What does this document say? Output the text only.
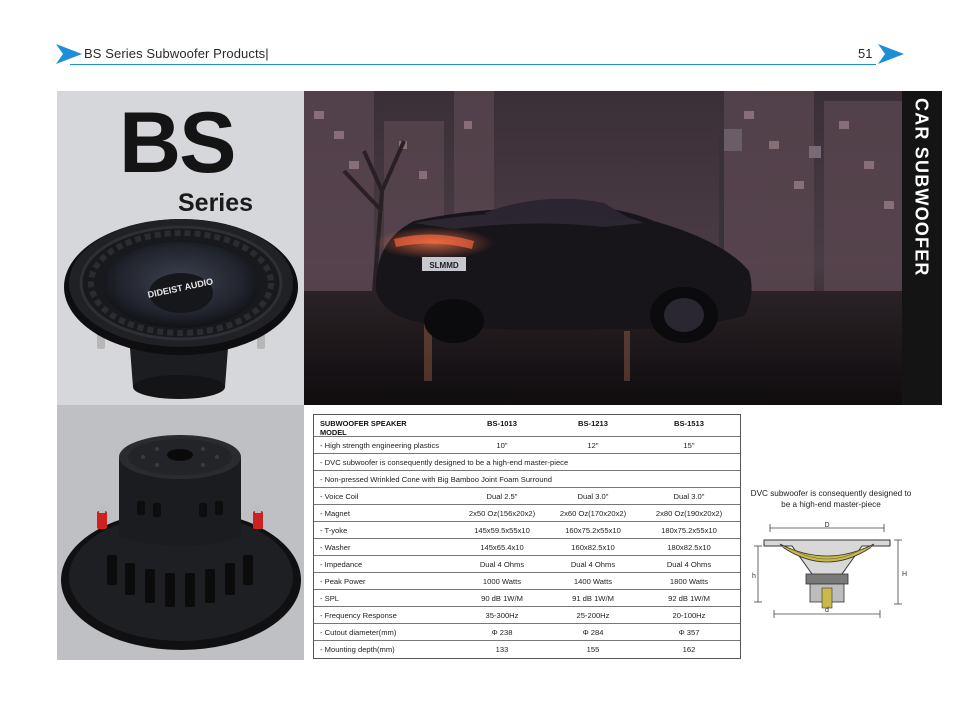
BS Series Subwoofer Products|	51
BS
Series
DIDEIST AUDIO
SLMMD	CAR SUBWOOFER
SUBWOOFER SPEAKER MODEL
BS-1013	BS-1213	BS-1513
- High strength engineering plastics	10"	12"	15"
- DVC subwoofer is consequently designed to be a high-end master-piece
- Non-pressed Wrinkled Cone with Big Bamboo Joint Foam Surround
- Voice Coil	Dual 2.5"	Dual 3.0"	Dual 3.0"
- Magnet	2x50 Oz(156x20x2)	2x60 Oz(170x20x2)	2x80 Oz(190x20x2)
- T-yoke	145x59.5x55x10	160x75.2x55x10	180x75.2x55x10
- Washer	145x65.4x10	160x82.5x10	180x82.5x10
- Impedance	Dual 4 Ohms	Dual 4 Ohms	Dual 4 Ohms
- Peak Power	1000 Watts	1400 Watts	1800 Watts
- SPL	90 dB 1W/M	91 dB 1W/M	92 dB 1W/M
- Frequency Response	35-300Hz	25-200Hz	20-100Hz
- Cutout diameter(mm)	Φ 238	Φ 284	Φ 357
- Mounting depth(mm)	133	155	162
DVC subwoofer is consequently designed to be a high-end master-piece
D
H
h
d
